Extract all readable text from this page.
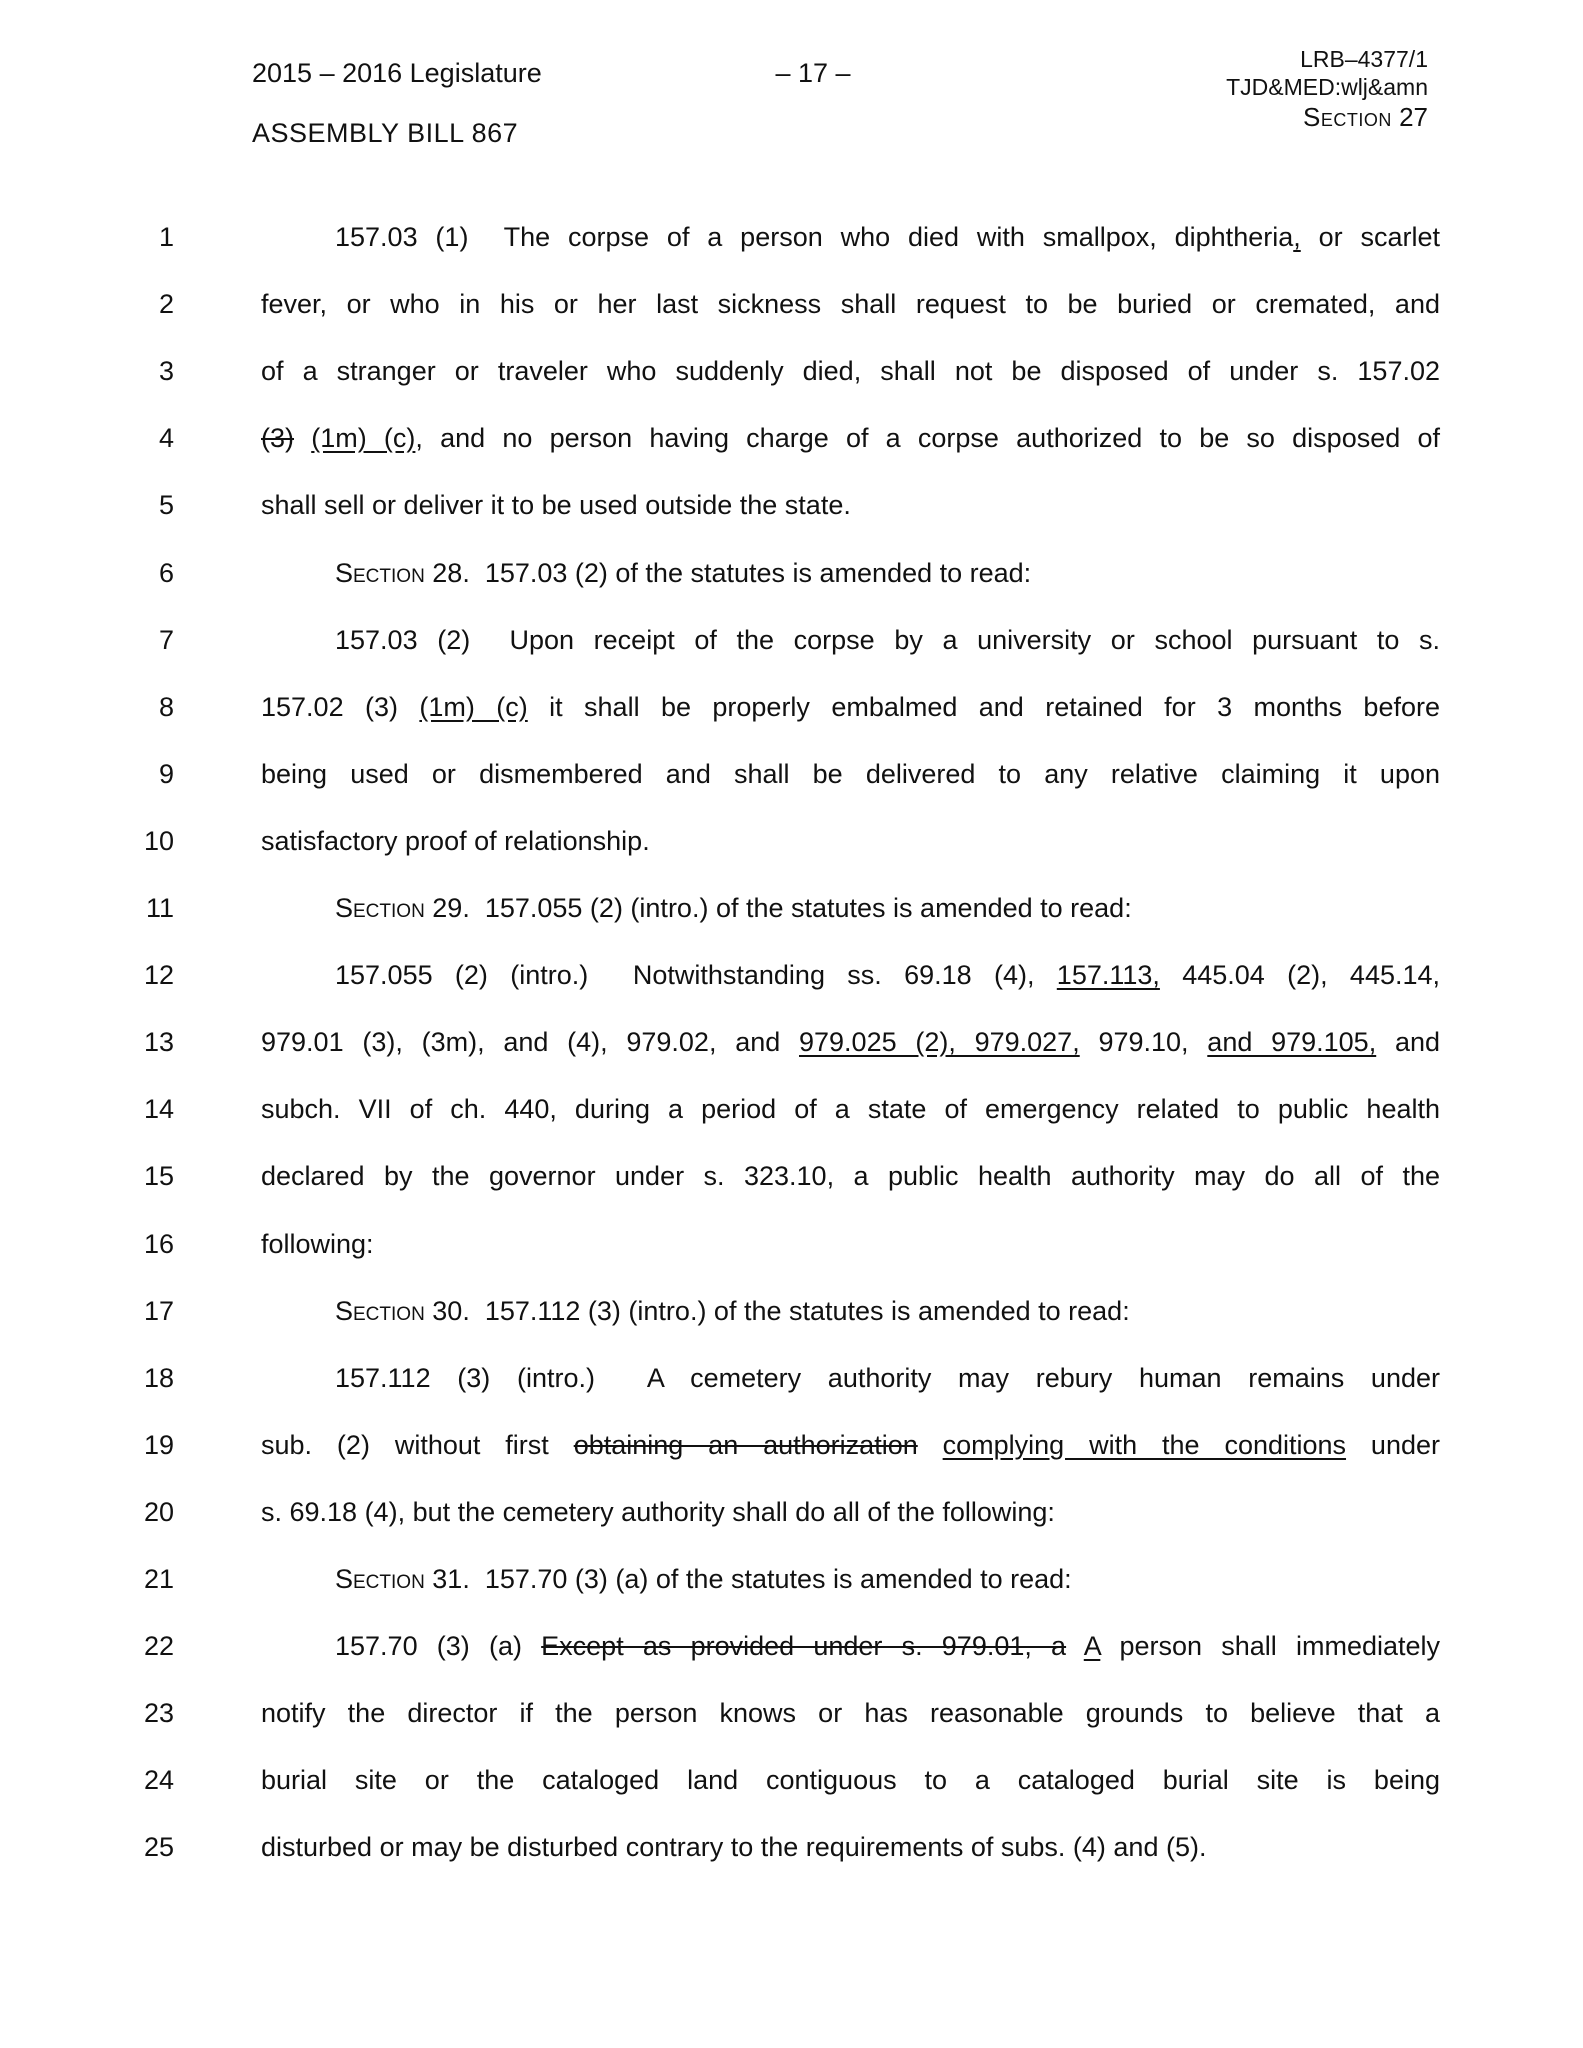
2015 – 2016 Legislature
ASSEMBLY BILL 867
– 17 –	LRB–4377/1
TJD&MED:wlj&amn
Section 27
1	157.03 (1)  The corpse of a person who died with smallpox, diphtheria, or scarlet
2	fever, or who in his or her last sickness shall request to be buried or cremated, and
3	of a stranger or traveler who suddenly died, shall not be disposed of under s. 157.02
4	(3) (1m) (c), and no person having charge of a corpse authorized to be so disposed of
5	shall sell or deliver it to be used outside the state.
6	Section 28.  157.03 (2) of the statutes is amended to read:
7	157.03 (2)  Upon receipt of the corpse by a university or school pursuant to s.
8	157.02 (3) (1m) (c) it shall be properly embalmed and retained for 3 months before
9	being used or dismembered and shall be delivered to any relative claiming it upon
10	satisfactory proof of relationship.
11	Section 29.  157.055 (2) (intro.) of the statutes is amended to read:
12	157.055 (2) (intro.)  Notwithstanding ss. 69.18 (4), 157.113, 445.04 (2), 445.14,
13	979.01 (3), (3m), and (4), 979.02, and 979.025 (2), 979.027, 979.10, and 979.105, and
14	subch. VII of ch. 440, during a period of a state of emergency related to public health
15	declared by the governor under s. 323.10, a public health authority may do all of the
16	following:
17	Section 30.  157.112 (3) (intro.) of the statutes is amended to read:
18	157.112 (3) (intro.)  A cemetery authority may rebury human remains under
19	sub. (2) without first obtaining an authorization complying with the conditions under
20	s. 69.18 (4), but the cemetery authority shall do all of the following:
21	Section 31.  157.70 (3) (a) of the statutes is amended to read:
22	157.70 (3) (a) Except as provided under s. 979.01, a A person shall immediately
23	notify the director if the person knows or has reasonable grounds to believe that a
24	burial site or the cataloged land contiguous to a cataloged burial site is being
25	disturbed or may be disturbed contrary to the requirements of subs. (4) and (5).
